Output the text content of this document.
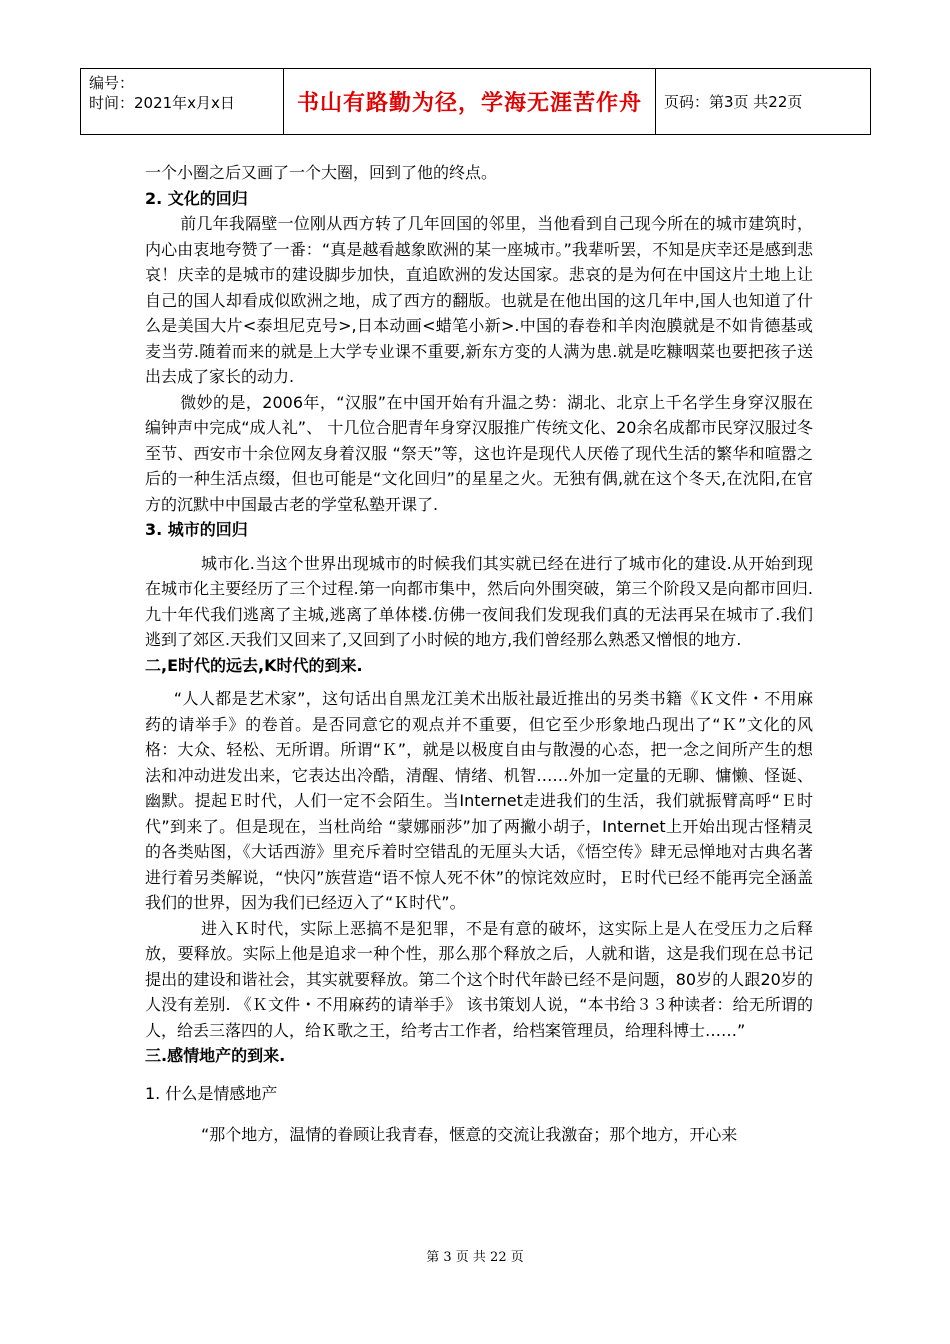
编号：
时间：2021年x月x日	书山有路勤为径，学海无涯苦作舟	页码：第3页 共22页

一个小圈之后又画了一个大圈，回到了他的终点。

2. 文化的回归

前几年我隔壁一位刚从西方转了几年回国的邻里，当他看到自己现今所在的城市建筑时，内心由衷地夸赞了一番：“真是越看越象欧洲的某一座城市。”我辈听罢，不知是庆幸还是感到悲哀！庆幸的是城市的建设脚步加快，直追欧洲的发达国家。悲哀的是为何在中国这片土地上让自己的国人却看成似欧洲之地，成了西方的翻版。也就是在他出国的这几年中,国人也知道了什么是美国大片<泰坦尼克号>,日本动画<蜡笔小新>.中国的春卷和羊肉泡膜就是不如肯德基或麦当劳.随着而来的就是上大学专业课不重要,新东方变的人满为患.就是吃糠咽菜也要把孩子送出去成了家长的动力.

微妙的是，2006年，“汉服”在中国开始有升温之势：湖北、北京上千名学生身穿汉服在编钟声中完成“成人礼”、 十几位合肥青年身穿汉服推广传统文化、20余名成都市民穿汉服过冬至节、西安市十余位网友身着汉服 “祭天”等，这也许是现代人厌倦了现代生活的繁华和喧嚣之后的一种生活点缀，但也可能是“文化回归”的星星之火。无独有偶,就在这个冬天,在沈阳,在官方的沉默中中国最古老的学堂私塾开课了.

3. 城市的回归

城市化.当这个世界出现城市的时候我们其实就已经在进行了城市化的建设.从开始到现在城市化主要经历了三个过程.第一向都市集中，然后向外围突破，第三个阶段又是向都市回归.九十年代我们逃离了主城,逃离了单体楼.仿佛一夜间我们发现我们真的无法再呆在城市了.我们逃到了郊区.天我们又回来了,又回到了小时候的地方,我们曾经那么熟悉又憎恨的地方.

二,E时代的远去,K时代的到来.

“人人都是艺术家”，这句话出自黑龙江美术出版社最近推出的另类书籍《Ｋ文件・不用麻药的请举手》的卷首。是否同意它的观点并不重要，但它至少形象地凸现出了“Ｋ”文化的风格：大众、轻松、无所谓。所谓“Ｋ”，就是以极度自由与散漫的心态，把一念之间所产生的想法和冲动进发出来，它表达出冷酷，清醒、情绪、机智……外加一定量的无聊、慵懒、怪诞、幽默。提起Ｅ时代，人们一定不会陌生。当Internet走进我们的生活，我们就振臂高呼“Ｅ时代”到来了。但是现在，当杜尚给 “蒙娜丽莎”加了两撇小胡子，Internet上开始出现古怪精灵的各类贴图，《大话西游》里充斥着时空错乱的无厘头大话，《悟空传》肆无忌惮地对古典名著进行着另类解说，“快闪”族营造“语不惊人死不休”的惊诧效应时，Ｅ时代已经不能再完全涵盖我们的世界，因为我们已经迈入了“Ｋ时代”。

进入Ｋ时代，实际上恶搞不是犯罪，不是有意的破坏，这实际上是人在受压力之后释放，要释放。实际上他是追求一种个性，那么那个释放之后，人就和谐，这是我们现在总书记提出的建设和谐社会，其实就要释放。第二个这个时代年龄已经不是问题，80岁的人跟20岁的人没有差别. 《Ｋ文件・不用麻药的请举手》 该书策划人说，“本书给３３种读者：给无所谓的人，给丢三落四的人，给Ｋ歌之王，给考古工作者，给档案管理员，给理科博士……”

三.感情地产的到来.

1. 什么是情感地产

“那个地方，温情的眷顾让我青春，惬意的交流让我激奋；那个地方，开心来

第 3 页 共 22 页
